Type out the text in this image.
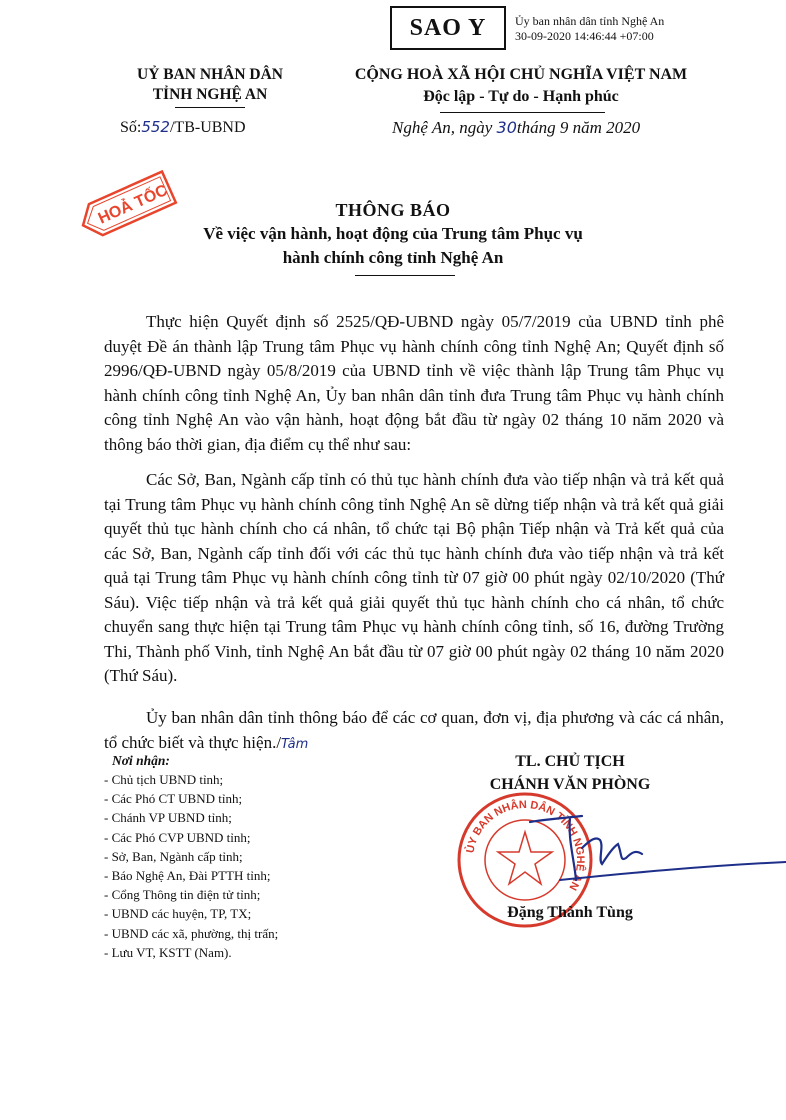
SAO Y	Ủy ban nhân dân tỉnh Nghệ An
30-09-2020 14:46:44 +07:00
UỶ BAN NHÂN DÂN
TỈNH NGHỆ AN
Số:552/TB-UBND
CỘNG HOÀ XÃ HỘI CHỦ NGHĨA VIỆT NAM
Độc lập - Tự do - Hạnh phúc
Nghệ An, ngày 30tháng 9 năm 2020
HOẢ TỐC	THÔNG BÁO
Về việc vận hành, hoạt động của Trung tâm Phục vụ
hành chính công tỉnh Nghệ An

Thực hiện Quyết định số 2525/QĐ-UBND ngày 05/7/2019 của UBND tỉnh phê duyệt Đề án thành lập Trung tâm Phục vụ hành chính công tỉnh Nghệ An; Quyết định số 2996/QĐ-UBND ngày 05/8/2019 của UBND tỉnh về việc thành lập Trung tâm Phục vụ hành chính công tỉnh Nghệ An, Ủy ban nhân dân tỉnh đưa Trung tâm Phục vụ hành chính công tỉnh Nghệ An vào vận hành, hoạt động bắt đầu từ ngày 02 tháng 10 năm 2020 và thông báo thời gian, địa điểm cụ thể như sau:

Các Sở, Ban, Ngành cấp tỉnh có thủ tục hành chính đưa vào tiếp nhận và trả kết quả tại Trung tâm Phục vụ hành chính công tỉnh Nghệ An sẽ dừng tiếp nhận và trả kết quả giải quyết thủ tục hành chính cho cá nhân, tổ chức tại Bộ phận Tiếp nhận và Trả kết quả của các Sở, Ban, Ngành cấp tỉnh đối với các thủ tục hành chính đưa vào tiếp nhận và trả kết quả tại Trung tâm Phục vụ hành chính công tỉnh từ 07 giờ 00 phút ngày 02/10/2020 (Thứ Sáu). Việc tiếp nhận và trả kết quả giải quyết thủ tục hành chính cho cá nhân, tổ chức chuyển sang thực hiện tại Trung tâm Phục vụ hành chính công tỉnh, số 16, đường Trường Thi, Thành phố Vinh, tỉnh Nghệ An bắt đầu từ 07 giờ 00 phút ngày 02 tháng 10 năm 2020 (Thứ Sáu).

Ủy ban nhân dân tỉnh thông báo để các cơ quan, đơn vị, địa phương và các cá nhân, tổ chức biết và thực hiện./Tâm

Nơi nhận:
- Chủ tịch UBND tỉnh;
- Các Phó CT UBND tỉnh;
- Chánh VP UBND tỉnh;
- Các Phó CVP UBND tỉnh;
- Sở, Ban, Ngành cấp tỉnh;
- Báo Nghệ An, Đài PTTH tỉnh;
- Cổng Thông tin điện tử tỉnh;
- UBND các huyện, TP, TX;
- UBND các xã, phường, thị trấn;
- Lưu VT, KSTT (Nam).
TL. CHỦ TỊCH
CHÁNH VĂN PHÒNG
ỦY BAN NHÂN DÂN TỈNH NGHỆ AN
Đặng Thành Tùng
